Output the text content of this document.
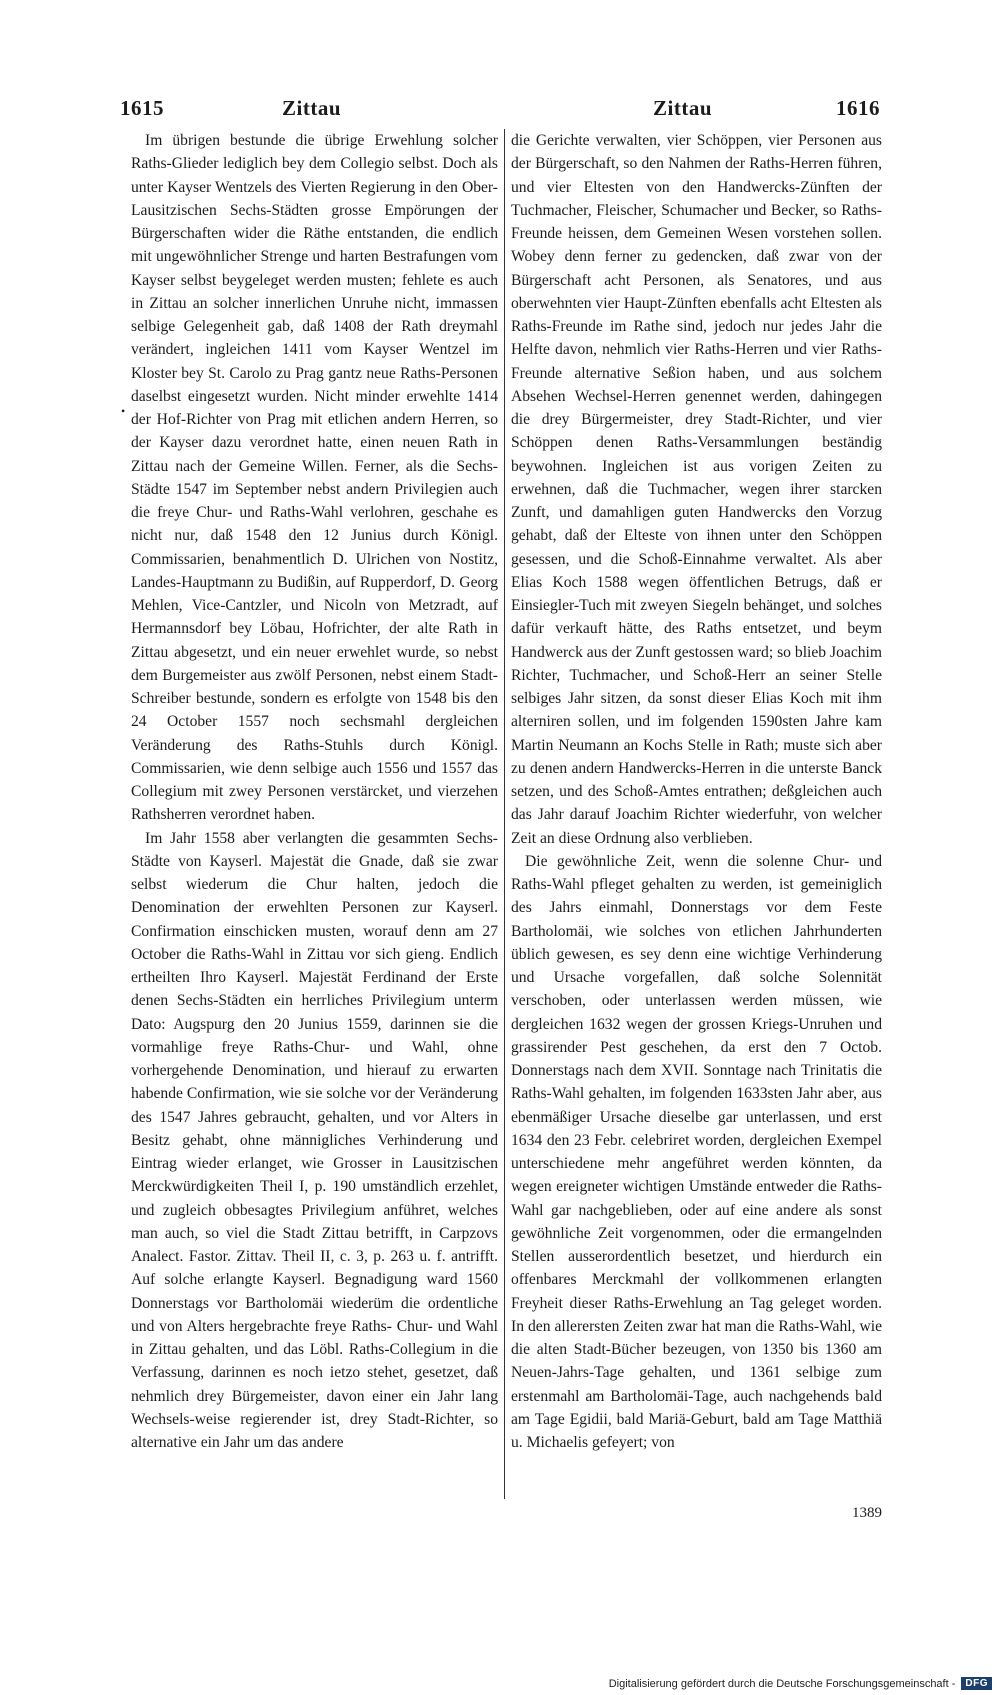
1615	Zittau	Zittau	1616
•

Im übrigen bestunde die übrige Erwehlung solcher Raths-Glieder lediglich bey dem Collegio selbst. Doch als unter Kayser Wentzels des Vierten Regierung in den Ober-Lausitzischen Sechs-Städten grosse Empörungen der Bürgerschaften wider die Räthe entstanden, die endlich mit ungewöhnlicher Strenge und harten Bestrafungen vom Kayser selbst beygeleget werden musten; fehlete es auch in Zittau an solcher innerlichen Unruhe nicht, immassen selbige Gelegenheit gab, daß 1408 der Rath dreymahl verändert, ingleichen 1411 vom Kayser Wentzel im Kloster bey St. Carolo zu Prag gantz neue Raths-Personen daselbst eingesetzt wurden. Nicht minder erwehlte 1414 der Hof-Richter von Prag mit etlichen andern Herren, so der Kayser dazu verordnet hatte, einen neuen Rath in Zittau nach der Gemeine Willen. Ferner, als die Sechs-Städte 1547 im September nebst andern Privilegien auch die freye Chur- und Raths-Wahl verlohren, geschahe es nicht nur, daß 1548 den 12 Junius durch Königl. Commissarien, benahmentlich D. Ulrichen von Nostitz, Landes-Hauptmann zu Budißin, auf Rupperdorf, D. Georg Mehlen, Vice-Cantzler, und Nicoln von Metzradt, auf Hermannsdorf bey Löbau, Hofrichter, der alte Rath in Zittau abgesetzt, und ein neuer erwehlet wurde, so nebst dem Burgemeister aus zwölf Personen, nebst einem Stadt-Schreiber bestunde, sondern es erfolgte von 1548 bis den 24 October 1557 noch sechsmahl dergleichen Veränderung des Raths-Stuhls durch Königl. Commissarien, wie denn selbige auch 1556 und 1557 das Collegium mit zwey Personen verstärcket, und vierzehen Rathsherren verordnet haben.

Im Jahr 1558 aber verlangten die gesammten Sechs-Städte von Kayserl. Majestät die Gnade, daß sie zwar selbst wiederum die Chur halten, jedoch die Denomination der erwehlten Personen zur Kayserl. Confirmation einschicken musten, worauf denn am 27 October die Raths-Wahl in Zittau vor sich gieng. Endlich ertheilten Ihro Kayserl. Majestät Ferdinand der Erste denen Sechs-Städten ein herrliches Privilegium unterm Dato: Augspurg den 20 Junius 1559, darinnen sie die vormahlige freye Raths-Chur- und Wahl, ohne vorhergehende Denomination, und hierauf zu erwarten habende Confirmation, wie sie solche vor der Veränderung des 1547 Jahres gebraucht, gehalten, und vor Alters in Besitz gehabt, ohne männigliches Verhinderung und Eintrag wieder erlanget, wie Grosser in Lausitzischen Merckwürdigkeiten Theil I, p. 190 umständlich erzehlet, und zugleich obbesagtes Privilegium anführet, welches man auch, so viel die Stadt Zittau betrifft, in Carpzovs Analect. Fastor. Zittav. Theil II, c. 3, p. 263 u. f. antrifft. Auf solche erlangte Kayserl. Begnadigung ward 1560 Donnerstags vor Bartholomäi wiederüm die ordentliche und von Alters hergebrachte freye Raths- Chur- und Wahl in Zittau gehalten, und das Löbl. Raths-Collegium in die Verfassung, darinnen es noch ietzo stehet, gesetzet, daß nehmlich drey Bürgemeister, davon einer ein Jahr lang Wechsels-weise regierender ist, drey Stadt-Richter, so alternative ein Jahr um das andere

die Gerichte verwalten, vier Schöppen, vier Personen aus der Bürgerschaft, so den Nahmen der Raths-Herren führen, und vier Eltesten von den Handwercks-Zünften der Tuchmacher, Fleischer, Schumacher und Becker, so Raths-Freunde heissen, dem Gemeinen Wesen vorstehen sollen. Wobey denn ferner zu gedencken, daß zwar von der Bürgerschaft acht Personen, als Senatores, und aus oberwehnten vier Haupt-Zünften ebenfalls acht Eltesten als Raths-Freunde im Rathe sind, jedoch nur jedes Jahr die Helfte davon, nehmlich vier Raths-Herren und vier Raths-Freunde alternative Seßion haben, und aus solchem Absehen Wechsel-Herren genennet werden, dahingegen die drey Bürgermeister, drey Stadt-Richter, und vier Schöppen denen Raths-Versammlungen beständig beywohnen. Ingleichen ist aus vorigen Zeiten zu erwehnen, daß die Tuchmacher, wegen ihrer starcken Zunft, und damahligen guten Handwercks den Vorzug gehabt, daß der Elteste von ihnen unter den Schöppen gesessen, und die Schoß-Einnahme verwaltet. Als aber Elias Koch 1588 wegen öffentlichen Betrugs, daß er Einsiegler-Tuch mit zweyen Siegeln behänget, und solches dafür verkauft hätte, des Raths entsetzet, und beym Handwerck aus der Zunft gestossen ward; so blieb Joachim Richter, Tuchmacher, und Schoß-Herr an seiner Stelle selbiges Jahr sitzen, da sonst dieser Elias Koch mit ihm alterniren sollen, und im folgenden 1590sten Jahre kam Martin Neumann an Kochs Stelle in Rath; muste sich aber zu denen andern Handwercks-Herren in die unterste Banck setzen, und des Schoß-Amtes entrathen; deßgleichen auch das Jahr darauf Joachim Richter wiederfuhr, von welcher Zeit an diese Ordnung also verblieben.

Die gewöhnliche Zeit, wenn die solenne Chur- und Raths-Wahl pfleget gehalten zu werden, ist gemeiniglich des Jahrs einmahl, Donnerstags vor dem Feste Bartholomäi, wie solches von etlichen Jahrhunderten üblich gewesen, es sey denn eine wichtige Verhinderung und Ursache vorgefallen, daß solche Solennität verschoben, oder unterlassen werden müssen, wie dergleichen 1632 wegen der grossen Kriegs-Unruhen und grassirender Pest geschehen, da erst den 7 Octob. Donnerstags nach dem XVII. Sonntage nach Trinitatis die Raths-Wahl gehalten, im folgenden 1633sten Jahr aber, aus ebenmäßiger Ursache dieselbe gar unterlassen, und erst 1634 den 23 Febr. celebriret worden, dergleichen Exempel unterschiedene mehr angeführet werden könnten, da wegen ereigneter wichtigen Umstände entweder die Raths-Wahl gar nachgeblieben, oder auf eine andere als sonst gewöhnliche Zeit vorgenommen, oder die ermangelnden Stellen ausserordentlich besetzet, und hierdurch ein offenbares Merckmahl der vollkommenen erlangten Freyheit dieser Raths-Erwehlung an Tag geleget worden. In den allerersten Zeiten zwar hat man die Raths-Wahl, wie die alten Stadt-Bücher bezeugen, von 1350 bis 1360 am Neuen-Jahrs-Tage gehalten, und 1361 selbige zum erstenmahl am Bartholomäi-Tage, auch nachgehends bald am Tage Egidii, bald Mariä-Geburt, bald am Tage Matthiä u. Michaelis gefeyert; von

1389
Digitalisierung gefördert durch die Deutsche Forschungsgemeinschaft -	DFG
